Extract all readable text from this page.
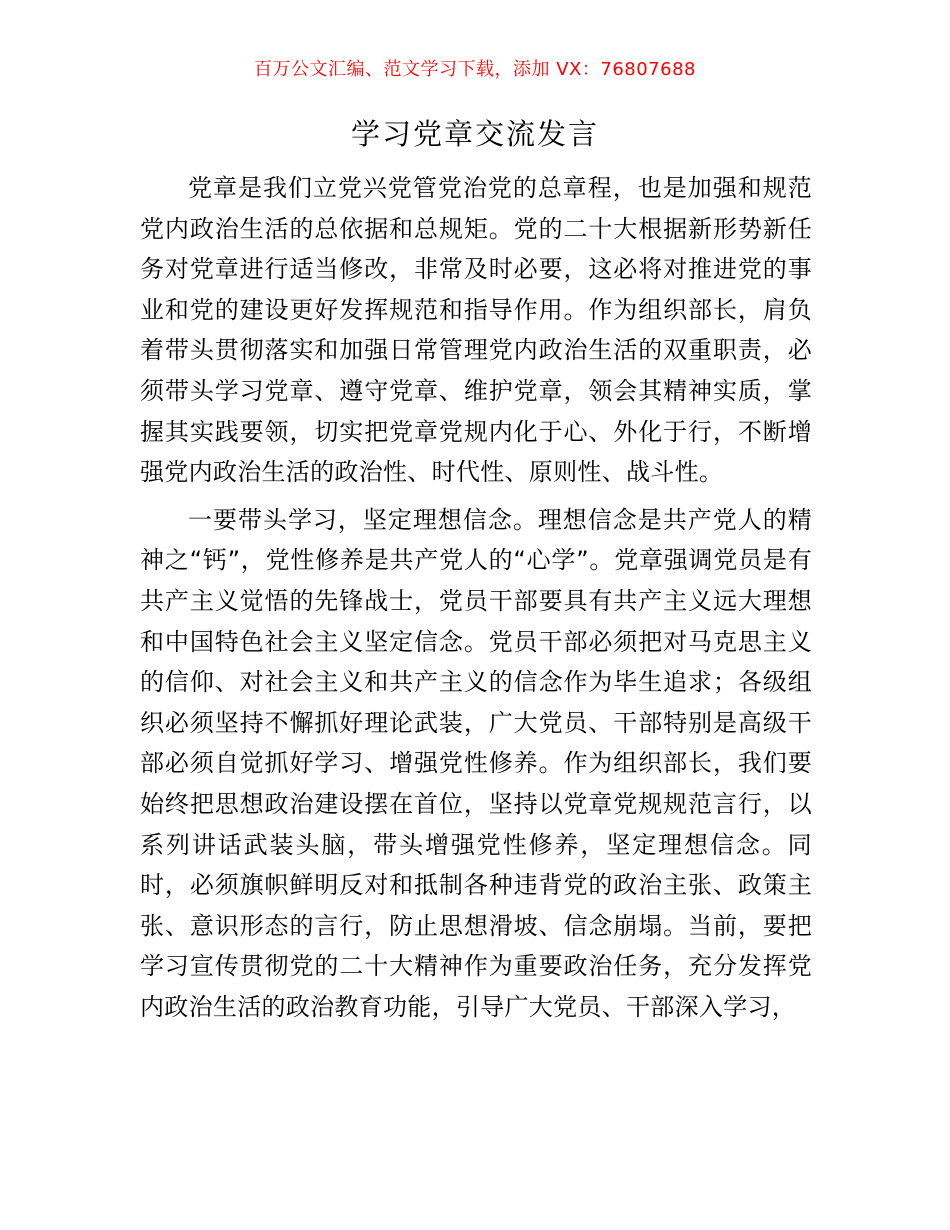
百万公文汇编、范文学习下载，添加 VX：76807688
学习党章交流发言

党章是我们立党兴党管党治党的总章程，也是加强和规范党内政治生活的总依据和总规矩。党的二十大根据新形势新任务对党章进行适当修改，非常及时必要，这必将对推进党的事业和党的建设更好发挥规范和指导作用。作为组织部长，肩负着带头贯彻落实和加强日常管理党内政治生活的双重职责，必须带头学习党章、遵守党章、维护党章，领会其精神实质，掌握其实践要领，切实把党章党规内化于心、外化于行，不断增强党内政治生活的政治性、时代性、原则性、战斗性。

一要带头学习，坚定理想信念。理想信念是共产党人的精神之“钙”，党性修养是共产党人的“心学”。党章强调党员是有共产主义觉悟的先锋战士，党员干部要具有共产主义远大理想和中国特色社会主义坚定信念。党员干部必须把对马克思主义的信仰、对社会主义和共产主义的信念作为毕生追求；各级组织必须坚持不懈抓好理论武装，广大党员、干部特别是高级干部必须自觉抓好学习、增强党性修养。作为组织部长，我们要始终把思想政治建设摆在首位，坚持以党章党规规范言行，以系列讲话武装头脑，带头增强党性修养，坚定理想信念。同时，必须旗帜鲜明反对和抵制各种违背党的政治主张、政策主张、意识形态的言行，防止思想滑坡、信念崩塌。当前，要把学习宣传贯彻党的二十大精神作为重要政治任务，充分发挥党内政治生活的政治教育功能，引导广大党员、干部深入学习，
